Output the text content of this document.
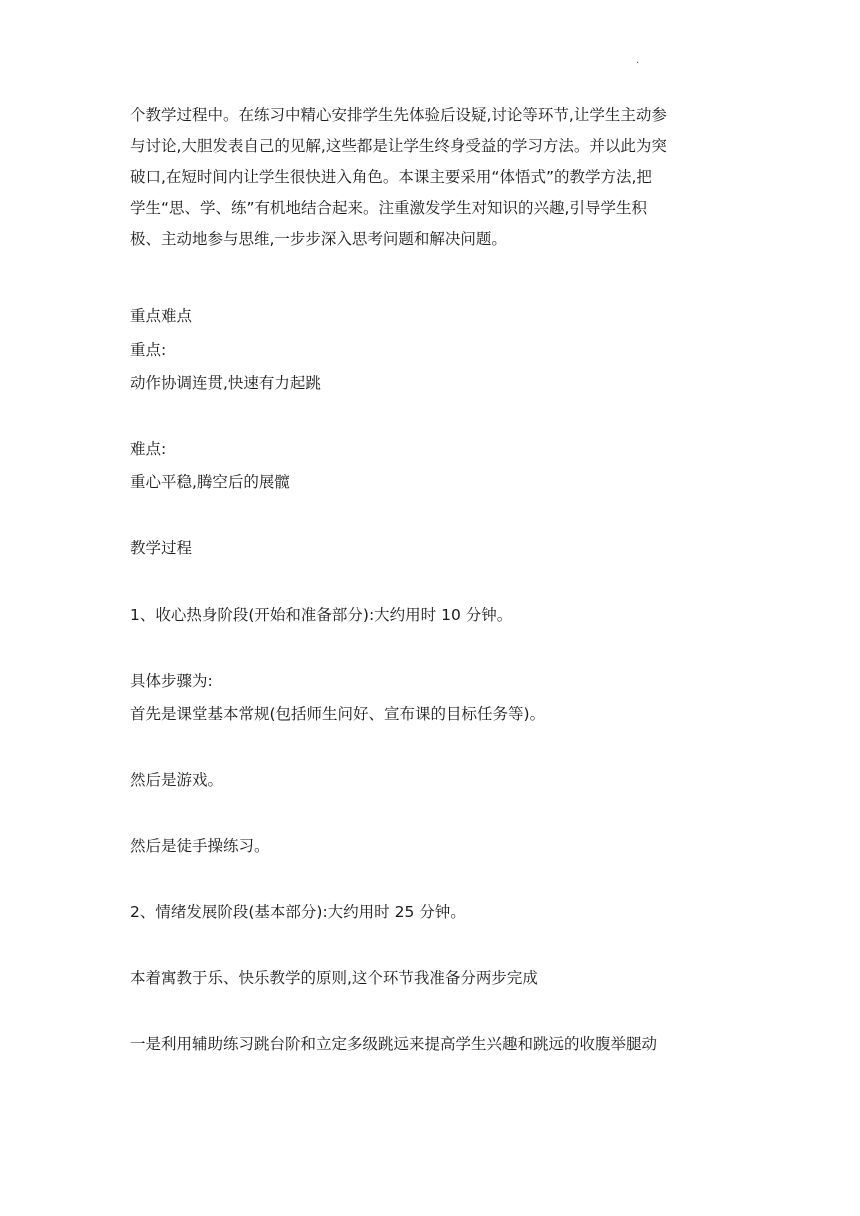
.
个教学过程中。在练习中精心安排学生先体验后设疑,讨论等环节,让学生主动参
与讨论,大胆发表自己的见解,这些都是让学生终身受益的学习方法。并以此为突
破口,在短时间内让学生很快进入角色。本课主要采用“体悟式”的教学方法,把
学生“思、学、练”有机地结合起来。注重激发学生对知识的兴趣,引导学生积
极、主动地参与思维,一步步深入思考问题和解决问题。
重点难点
重点:
动作协调连贯,快速有力起跳
难点:
重心平稳,腾空后的展髋
教学过程
1、收心热身阶段(开始和准备部分):大约用时 10 分钟。
具体步骤为:
首先是课堂基本常规(包括师生问好、宣布课的目标任务等)。
然后是游戏。
然后是徒手操练习。
2、情绪发展阶段(基本部分):大约用时 25 分钟。
本着寓教于乐、快乐教学的原则,这个环节我准备分两步完成
一是利用辅助练习跳台阶和立定多级跳远来提高学生兴趣和跳远的收腹举腿动
